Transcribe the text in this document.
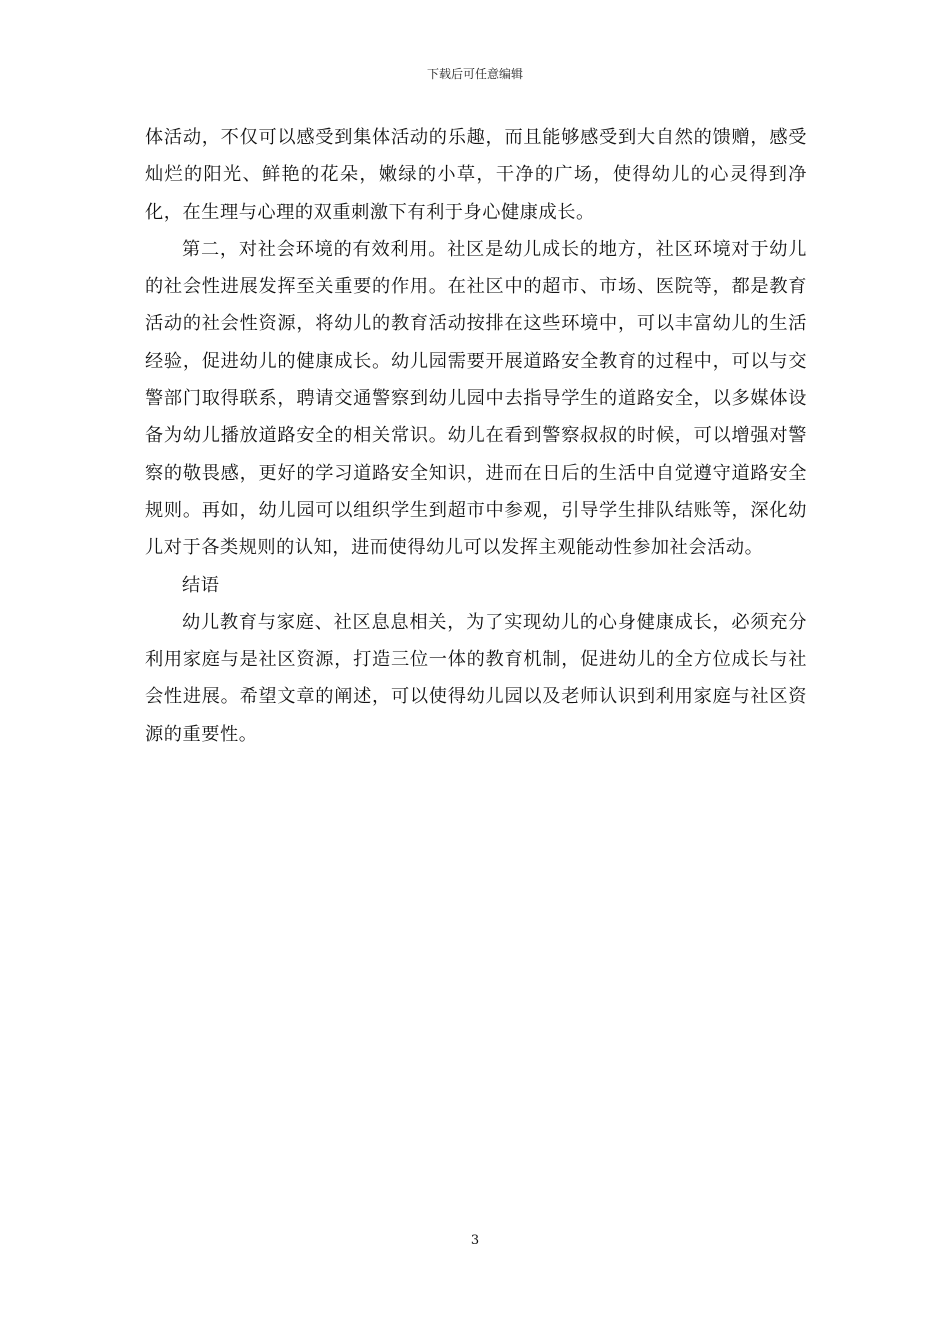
下载后可任意编辑

体活动，不仅可以感受到集体活动的乐趣，而且能够感受到大自然的馈赠，感受灿烂的阳光、鲜艳的花朵，嫩绿的小草，干净的广场，使得幼儿的心灵得到净化，在生理与心理的双重刺激下有利于身心健康成长。

第二，对社会环境的有效利用。社区是幼儿成长的地方，社区环境对于幼儿的社会性进展发挥至关重要的作用。在社区中的超市、市场、医院等，都是教育活动的社会性资源，将幼儿的教育活动按排在这些环境中，可以丰富幼儿的生活经验，促进幼儿的健康成长。幼儿园需要开展道路安全教育的过程中，可以与交警部门取得联系，聘请交通警察到幼儿园中去指导学生的道路安全，以多媒体设备为幼儿播放道路安全的相关常识。幼儿在看到警察叔叔的时候，可以增强对警察的敬畏感，更好的学习道路安全知识，进而在日后的生活中自觉遵守道路安全规则。再如，幼儿园可以组织学生到超市中参观，引导学生排队结账等，深化幼儿对于各类规则的认知，进而使得幼儿可以发挥主观能动性参加社会活动。

结语

幼儿教育与家庭、社区息息相关，为了实现幼儿的心身健康成长，必须充分利用家庭与是社区资源，打造三位一体的教育机制，促进幼儿的全方位成长与社会性进展。希望文章的阐述，可以使得幼儿园以及老师认识到利用家庭与社区资源的重要性。

3
